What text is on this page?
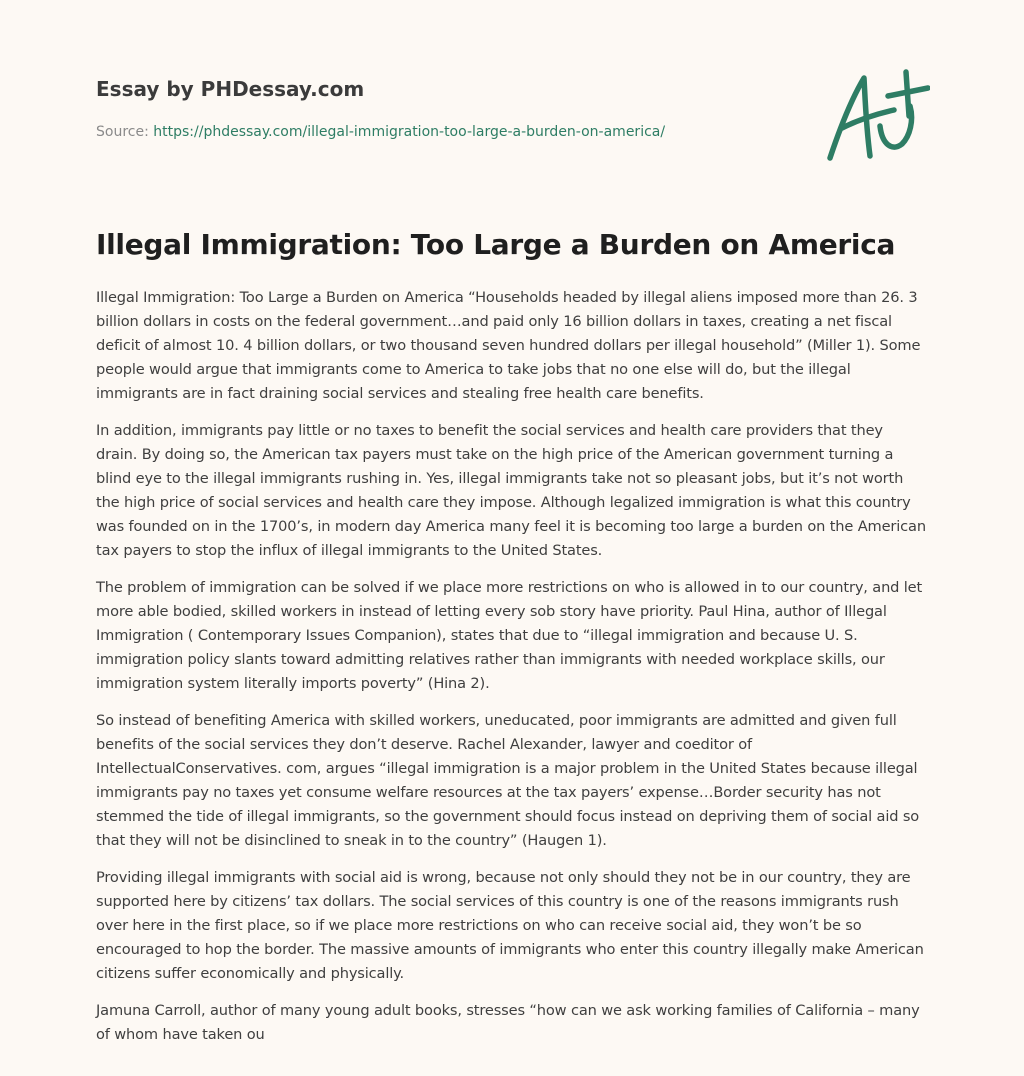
Essay by PHDessay.com
Source: https://phdessay.com/illegal-immigration-too-large-a-burden-on-america/
Illegal Immigration: Too Large a Burden on America

Illegal Immigration: Too Large a Burden on America “Households headed by illegal aliens imposed more than 26. 3 billion dollars in costs on the federal government…and paid only 16 billion dollars in taxes, creating a net fiscal deficit of almost 10. 4 billion dollars, or two thousand seven hundred dollars per illegal household” (Miller 1). Some people would argue that immigrants come to America to take jobs that no one else will do, but the illegal immigrants are in fact draining social services and stealing free health care benefits.

In addition, immigrants pay little or no taxes to benefit the social services and health care providers that they drain. By doing so, the American tax payers must take on the high price of the American government turning a blind eye to the illegal immigrants rushing in. Yes, illegal immigrants take not so pleasant jobs, but it’s not worth the high price of social services and health care they impose. Although legalized immigration is what this country was founded on in the 1700’s, in modern day America many feel it is becoming too large a burden on the American tax payers to stop the influx of illegal immigrants to the United States.

The problem of immigration can be solved if we place more restrictions on who is allowed in to our country, and let more able bodied, skilled workers in instead of letting every sob story have priority. Paul Hina, author of Illegal Immigration ( Contemporary Issues Companion), states that due to “illegal immigration and because U. S. immigration policy slants toward admitting relatives rather than immigrants with needed workplace skills, our immigration system literally imports poverty” (Hina 2).

So instead of benefiting America with skilled workers, uneducated, poor immigrants are admitted and given full benefits of the social services they don’t deserve. Rachel Alexander, lawyer and coeditor of IntellectualConservatives. com, argues “illegal immigration is a major problem in the United States because illegal immigrants pay no taxes yet consume welfare resources at the tax payers’ expense…Border security has not stemmed the tide of illegal immigrants, so the government should focus instead on depriving them of social aid so that they will not be disinclined to sneak in to the country” (Haugen 1).

Providing illegal immigrants with social aid is wrong, because not only should they not be in our country, they are supported here by citizens’ tax dollars. The social services of this country is one of the reasons immigrants rush over here in the first place, so if we place more restrictions on who can receive social aid, they won’t be so encouraged to hop the border. The massive amounts of immigrants who enter this country illegally make American citizens suffer economically and physically.

Jamuna Carroll, author of many young adult books, stresses “how can we ask working families of California – many of whom have taken ou
